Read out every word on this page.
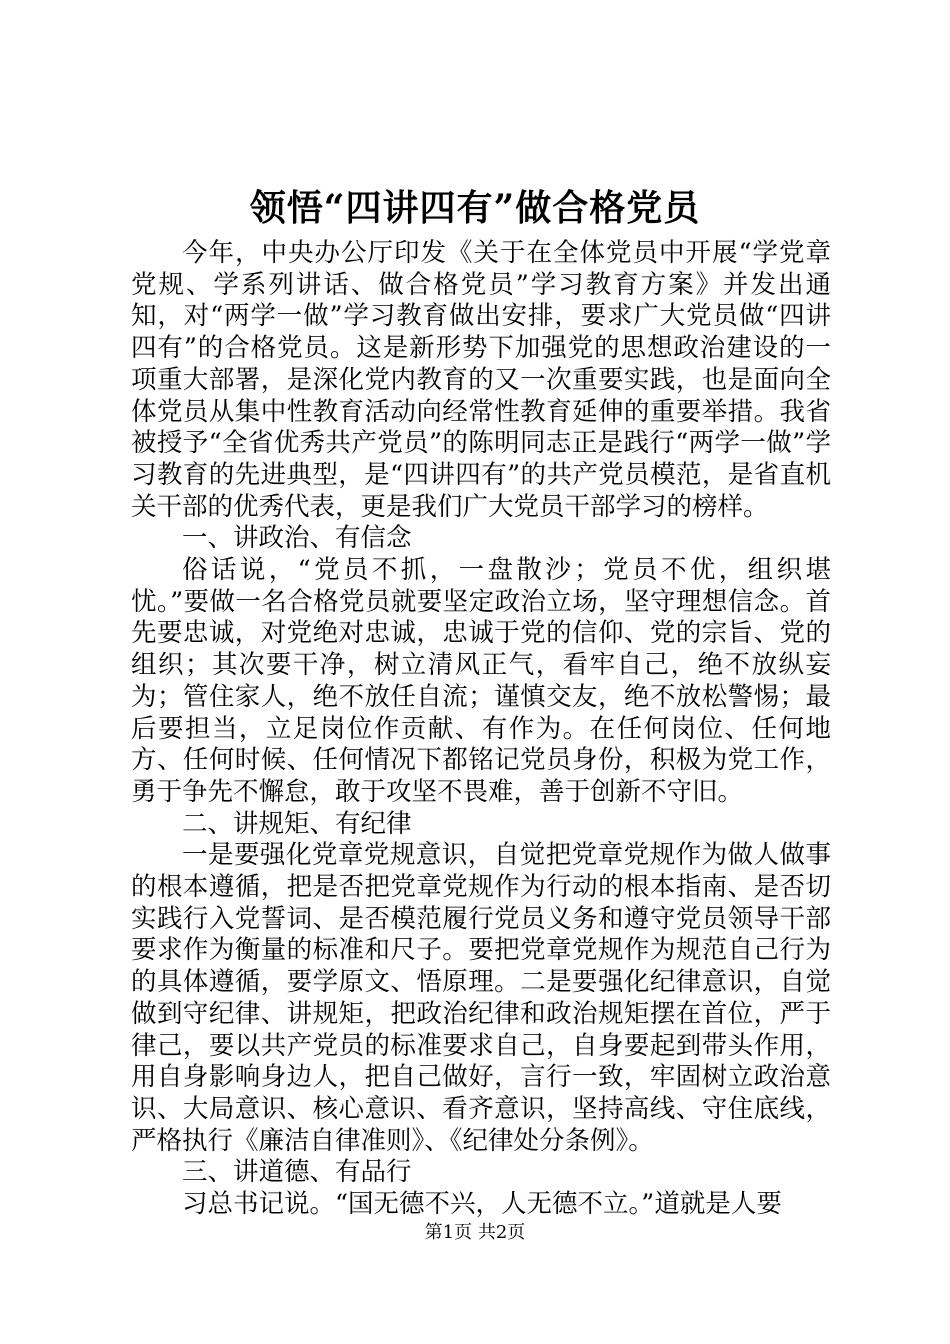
领悟“四讲四有”做合格党员

今年，中央办公厅印发《关于在全体党员中开展“学党章党规、学系列讲话、做合格党员”学习教育方案》并发出通知，对“两学一做”学习教育做出安排，要求广大党员做“四讲四有”的合格党员。这是新形势下加强党的思想政治建设的一项重大部署，是深化党内教育的又一次重要实践，也是面向全体党员从集中性教育活动向经常性教育延伸的重要举措。我省被授予“全省优秀共产党员”的陈明同志正是践行“两学一做”学习教育的先进典型，是“四讲四有”的共产党员模范，是省直机关干部的优秀代表，更是我们广大党员干部学习的榜样。

一、讲政治、有信念

俗话说，“党员不抓，一盘散沙；党员不优，组织堪忧。”要做一名合格党员就要坚定政治立场，坚守理想信念。首先要忠诚，对党绝对忠诚，忠诚于党的信仰、党的宗旨、党的组织；其次要干净，树立清风正气，看牢自己，绝不放纵妄为；管住家人，绝不放任自流；谨慎交友，绝不放松警惕；最后要担当，立足岗位作贡献、有作为。在任何岗位、任何地方、任何时候、任何情况下都铭记党员身份，积极为党工作，勇于争先不懈怠，敢于攻坚不畏难，善于创新不守旧。

二、讲规矩、有纪律

一是要强化党章党规意识，自觉把党章党规作为做人做事的根本遵循，把是否把党章党规作为行动的根本指南、是否切实践行入党誓词、是否模范履行党员义务和遵守党员领导干部要求作为衡量的标准和尺子。要把党章党规作为规范自己行为的具体遵循，要学原文、悟原理。二是要强化纪律意识，自觉做到守纪律、讲规矩，把政治纪律和政治规矩摆在首位，严于律己，要以共产党员的标准要求自己，自身要起到带头作用，用自身影响身边人，把自己做好，言行一致，牢固树立政治意识、大局意识、核心意识、看齐意识，坚持高线、守住底线，严格执行《廉洁自律准则》、《纪律处分条例》。

三、讲道德、有品行

习总书记说。“国无德不兴，人无德不立。”道就是人要

第1页 共2页
